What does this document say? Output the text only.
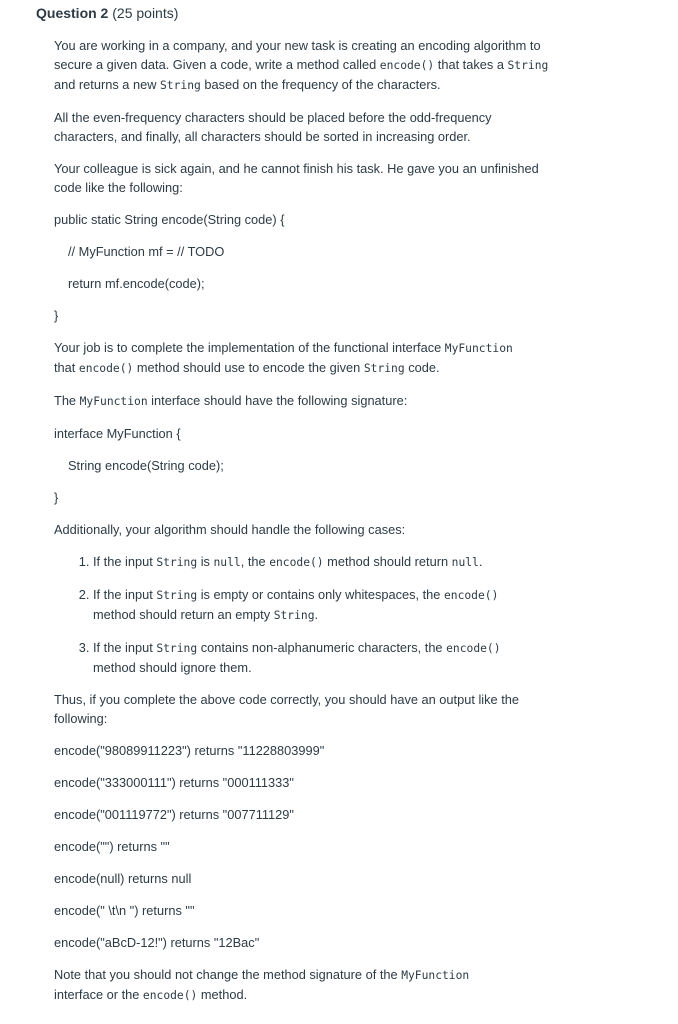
Question 2 (25 points)

You are working in a company, and your new task is creating an encoding algorithm to secure a given data. Given a code, write a method called encode() that takes a String and returns a new String based on the frequency of the characters.

All the even-frequency characters should be placed before the odd-frequency characters, and finally, all characters should be sorted in increasing order.

Your colleague is sick again, and he cannot finish his task. He gave you an unfinished code like the following:

public static String encode(String code) {

// MyFunction mf = // TODO

return mf.encode(code);

}

Your job is to complete the implementation of the functional interface MyFunction
that encode() method should use to encode the given String code.

The MyFunction interface should have the following signature:

interface MyFunction {

String encode(String code);

}

Additionally, your algorithm should handle the following cases:

1. If the input String is null, the encode() method should return null.
2. If the input String is empty or contains only whitespaces, the encode()
method should return an empty String.
3. If the input String contains non-alphanumeric characters, the encode()
method should ignore them.

Thus, if you complete the above code correctly, you should have an output like the following:

encode("98089911223") returns "11228803999"

encode("333000111") returns "000111333"

encode("001119772") returns "007711129"

encode("") returns ""

encode(null) returns null

encode(" \t\n ") returns ""

encode("aBcD-12!") returns "12Bac"

Note that you should not change the method signature of the MyFunction
interface or the encode() method.
